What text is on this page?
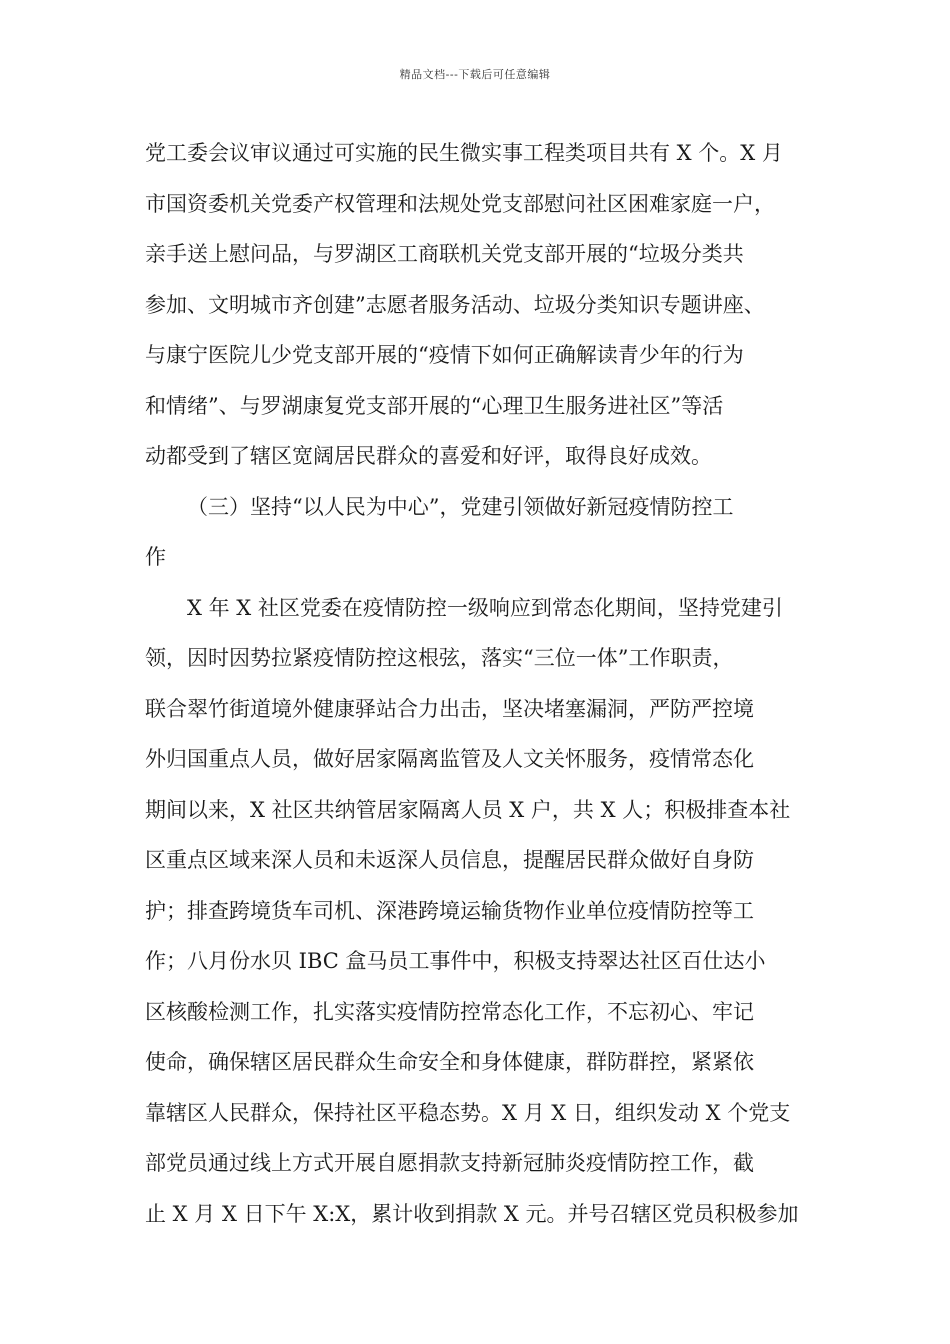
精品文档---下载后可任意编辑
党工委会议审议通过可实施的民生微实事工程类项目共有 X 个。X 月
市国资委机关党委产权管理和法规处党支部慰问社区困难家庭一户，
亲手送上慰问品，与罗湖区工商联机关党支部开展的“垃圾分类共
参加、文明城市齐创建”志愿者服务活动、垃圾分类知识专题讲座、
与康宁医院儿少党支部开展的“疫情下如何正确解读青少年的行为
和情绪”、与罗湖康复党支部开展的“心理卫生服务进社区”等活
动都受到了辖区宽阔居民群众的喜爱和好评，取得良好成效。
（三）坚持“以人民为中心”，党建引领做好新冠疫情防控工
作
X 年 X 社区党委在疫情防控一级响应到常态化期间，坚持党建引
领，因时因势拉紧疫情防控这根弦，落实“三位一体”工作职责，
联合翠竹街道境外健康驿站合力出击，坚决堵塞漏洞，严防严控境
外归国重点人员，做好居家隔离监管及人文关怀服务，疫情常态化
期间以来，X 社区共纳管居家隔离人员 X 户，共 X 人；积极排查本社
区重点区域来深人员和未返深人员信息，提醒居民群众做好自身防
护；排查跨境货车司机、深港跨境运输货物作业单位疫情防控等工
作；八月份水贝 IBC 盒马员工事件中，积极支持翠达社区百仕达小
区核酸检测工作，扎实落实疫情防控常态化工作，不忘初心、牢记
使命，确保辖区居民群众生命安全和身体健康，群防群控，紧紧依
靠辖区人民群众，保持社区平稳态势。X 月 X 日，组织发动 X 个党支
部党员通过线上方式开展自愿捐款支持新冠肺炎疫情防控工作，截
止 X 月 X 日下午 X:X，累计收到捐款 X 元。并号召辖区党员积极参加
